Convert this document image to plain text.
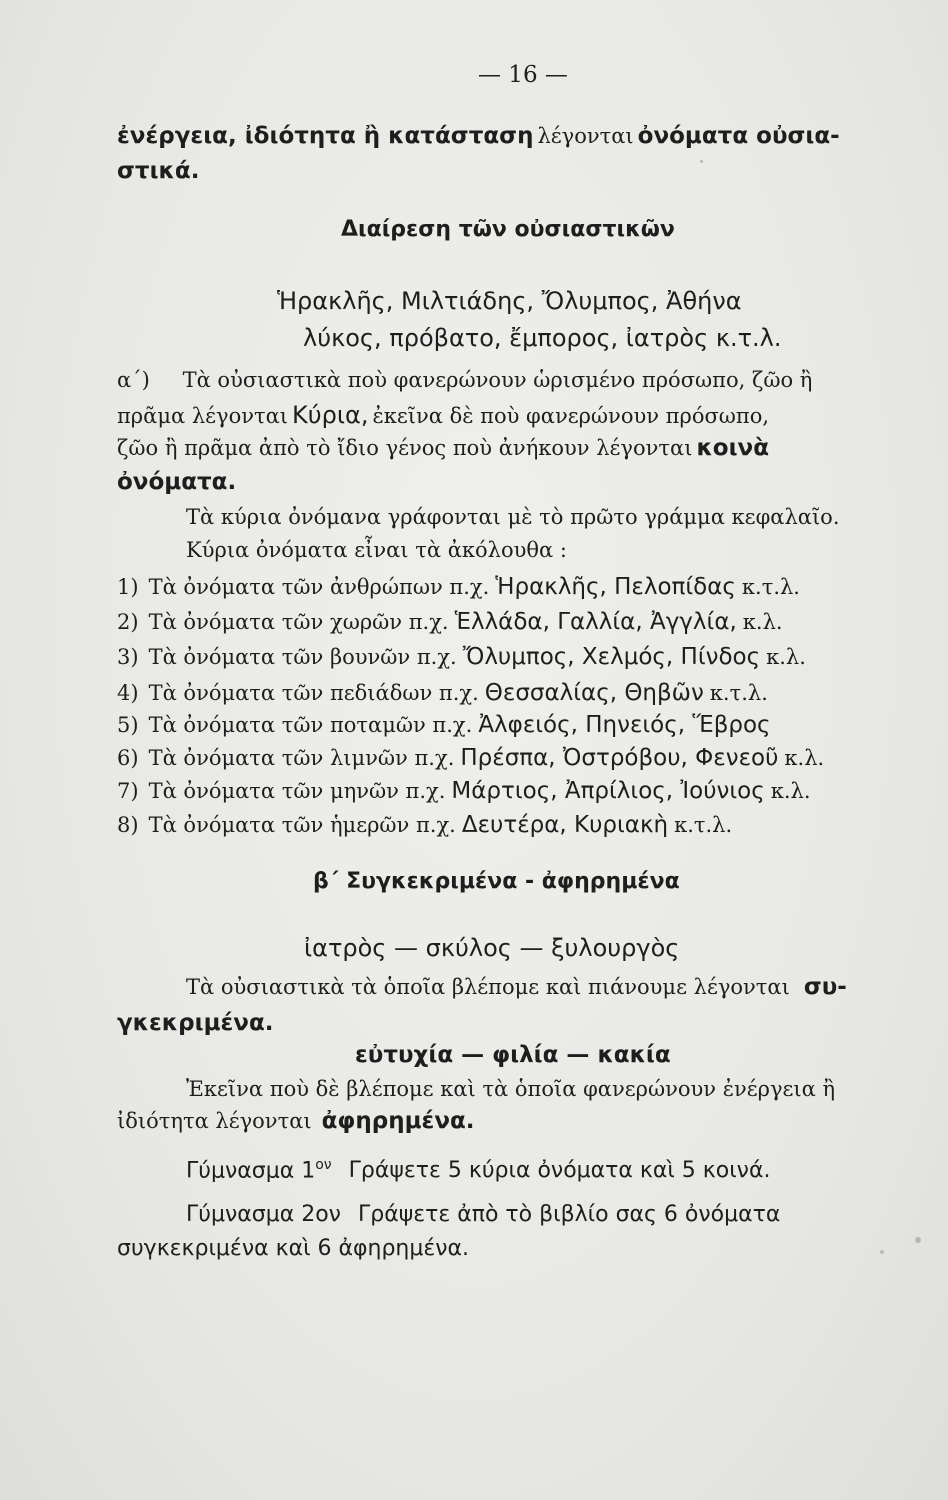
— 16 —
ἐνέργεια, ἰδιότητα ἢ κατάσταση λέγονται ὀνόματα οὐσια-
στικά.
Διαίρεση τῶν οὐσιαστικῶν
Ἡρακλῆς, Μιλτιάδης, Ὄλυμπος, Ἀθήνα
λύκος, πρόβατο, ἔμπορος, ἰατρὸς κ.τ.λ.
α΄) Τὰ οὐσιαστικὰ ποὺ φανερώνουν ὡρισμένο πρόσωπο, ζῶο ἢ
πρᾶμα λέγονται Κύρια, ἐκεῖνα δὲ ποὺ φανερώνουν πρόσωπο,
ζῶο ἢ πρᾶμα ἀπὸ τὸ ἴδιο γένος ποὺ ἀνήκουν λέγονται κοινὰ
ὀνόματα.
Τὰ κύρια ὀνόμανα γράφονται μὲ τὸ πρῶτο γράμμα κεφαλαῖο.
Κύρια ὀνόματα εἶναι τὰ ἀκόλουθα :
1) Τὰ ὀνόματα τῶν ἀνθρώπων π.χ. Ἡρακλῆς, Πελοπίδας κ.τ.λ.
2) Τὰ ὀνόματα τῶν χωρῶν π.χ. Ἑλλάδα, Γαλλία, Ἀγγλία, κ.λ.
3) Τὰ ὀνόματα τῶν βουνῶν π.χ. Ὄλυμπος, Χελμός, Πίνδος κ.λ.
4) Τὰ ὀνόματα τῶν πεδιάδων π.χ. Θεσσαλίας, Θηβῶν κ.τ.λ.
5) Τὰ ὀνόματα τῶν ποταμῶν π.χ. Ἀλφειός, Πηνειός, Ἕβρος
6) Τὰ ὀνόματα τῶν λιμνῶν π.χ. Πρέσπα, Ὀστρόβου, Φενεοῦ κ.λ.
7) Τὰ ὀνόματα τῶν μηνῶν π.χ. Μάρτιος, Ἀπρίλιος, Ἰούνιος κ.λ.
8) Τὰ ὀνόματα τῶν ἡμερῶν π.χ. Δευτέρα, Κυριακὴ κ.τ.λ.
β΄ Συγκεκριμένα - ἀφηρημένα
ἰατρὸς — σκύλος — ξυλουργὸς
Τὰ οὐσιαστικὰ τὰ ὁποῖα βλέπομε καὶ πιάνουμε λέγονται συ-
γκεκριμένα.
εὐτυχία — φιλία — κακία
Ἐκεῖνα ποὺ δὲ βλέπομε καὶ τὰ ὁποῖα φανερώνουν ἐνέργεια ἢ
ἰδιότητα λέγονται ἀφηρημένα.
Γύμνασμα $1^{o\nu}$ Γράψετε 5 κύρια ὀνόματα καὶ 5 κοινά.
Γύμνασμα 2ον Γράψετε ἀπὸ τὸ βιβλίο σας 6 ὀνόματα
συγκεκριμένα καὶ 6 ἀφηρημένα.
